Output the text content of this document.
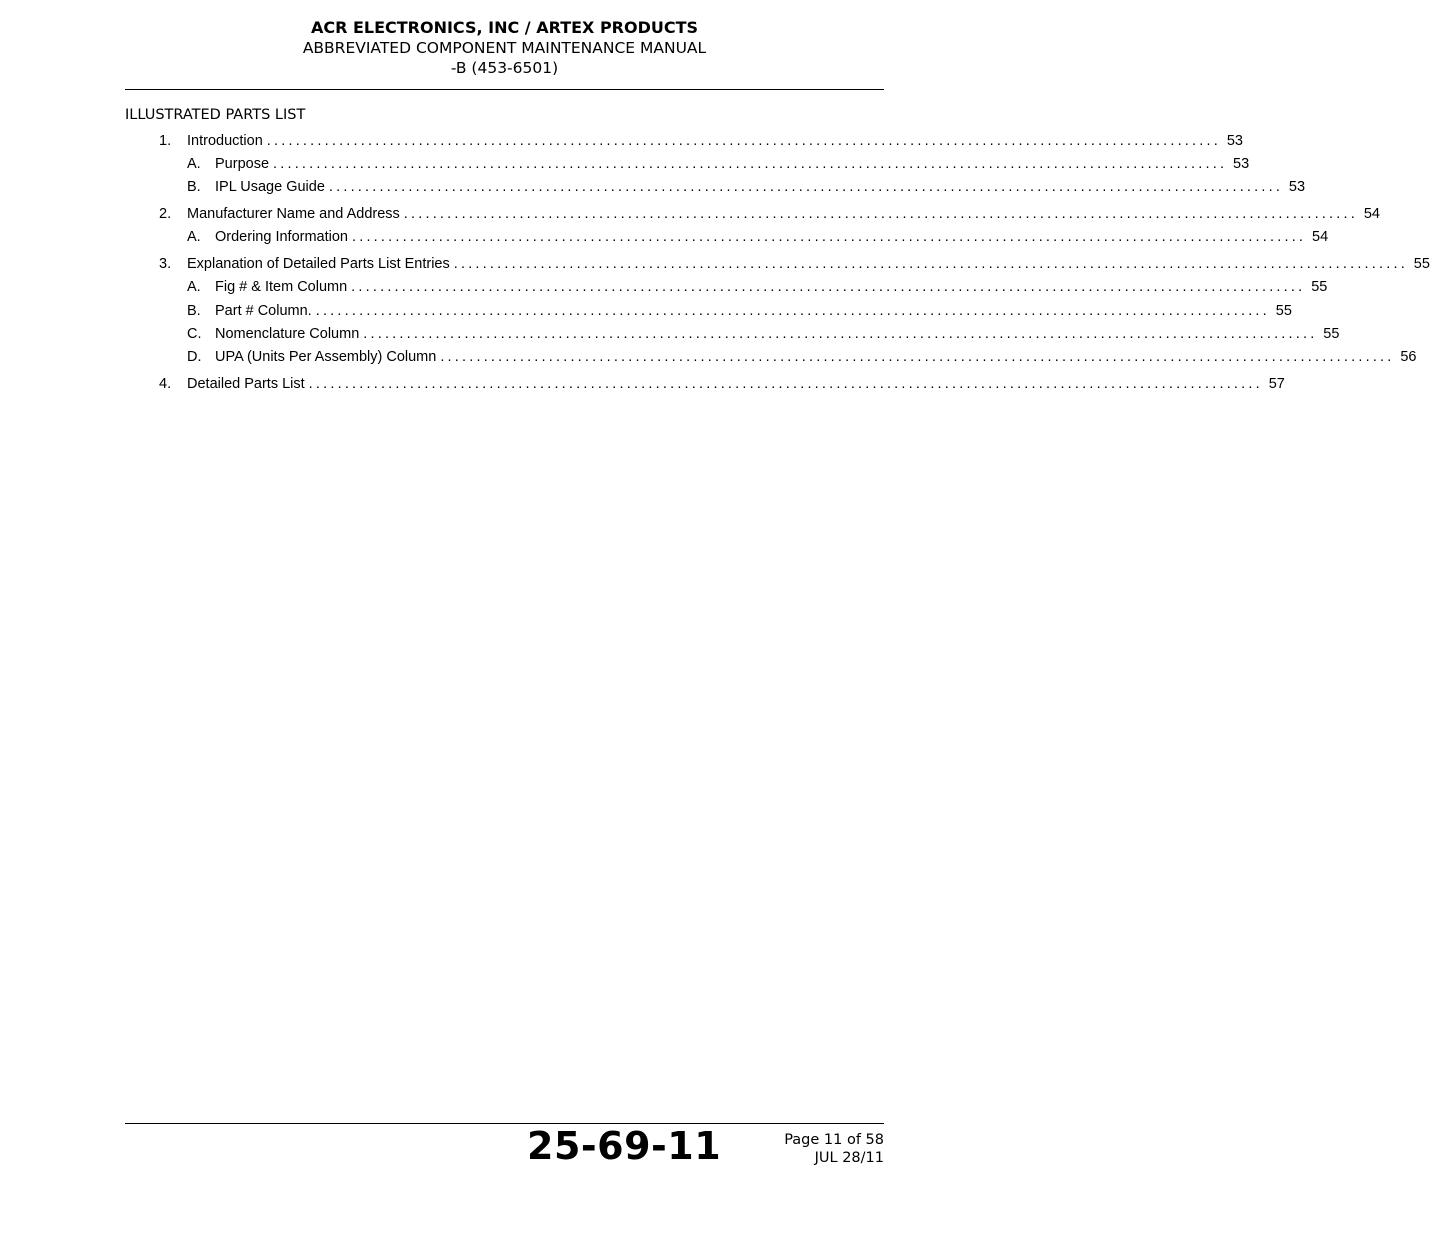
ACR ELECTRONICS, INC / ARTEX PRODUCTS
ABBREVIATED COMPONENT MAINTENANCE MANUAL
-B (453-6501)
ILLUSTRATED PARTS LIST
1.	Introduction .................................................................................................................................... 53
A. Purpose .................................................................................................................................... 53
B. IPL Usage Guide .................................................................................................................................... 53
2.	Manufacturer Name and Address .................................................................................................................................... 54
A. Ordering Information .................................................................................................................................... 54
3.	Explanation of Detailed Parts List Entries .................................................................................................................................... 55
A. Fig # & Item Column .................................................................................................................................... 55
B. Part # Column. .................................................................................................................................... 55
C. Nomenclature Column .................................................................................................................................... 55
D. UPA (Units Per Assembly) Column .................................................................................................................................... 56
4.	Detailed Parts List .................................................................................................................................... 57
25-69-11	Page 11 of 58
JUL 28/11
